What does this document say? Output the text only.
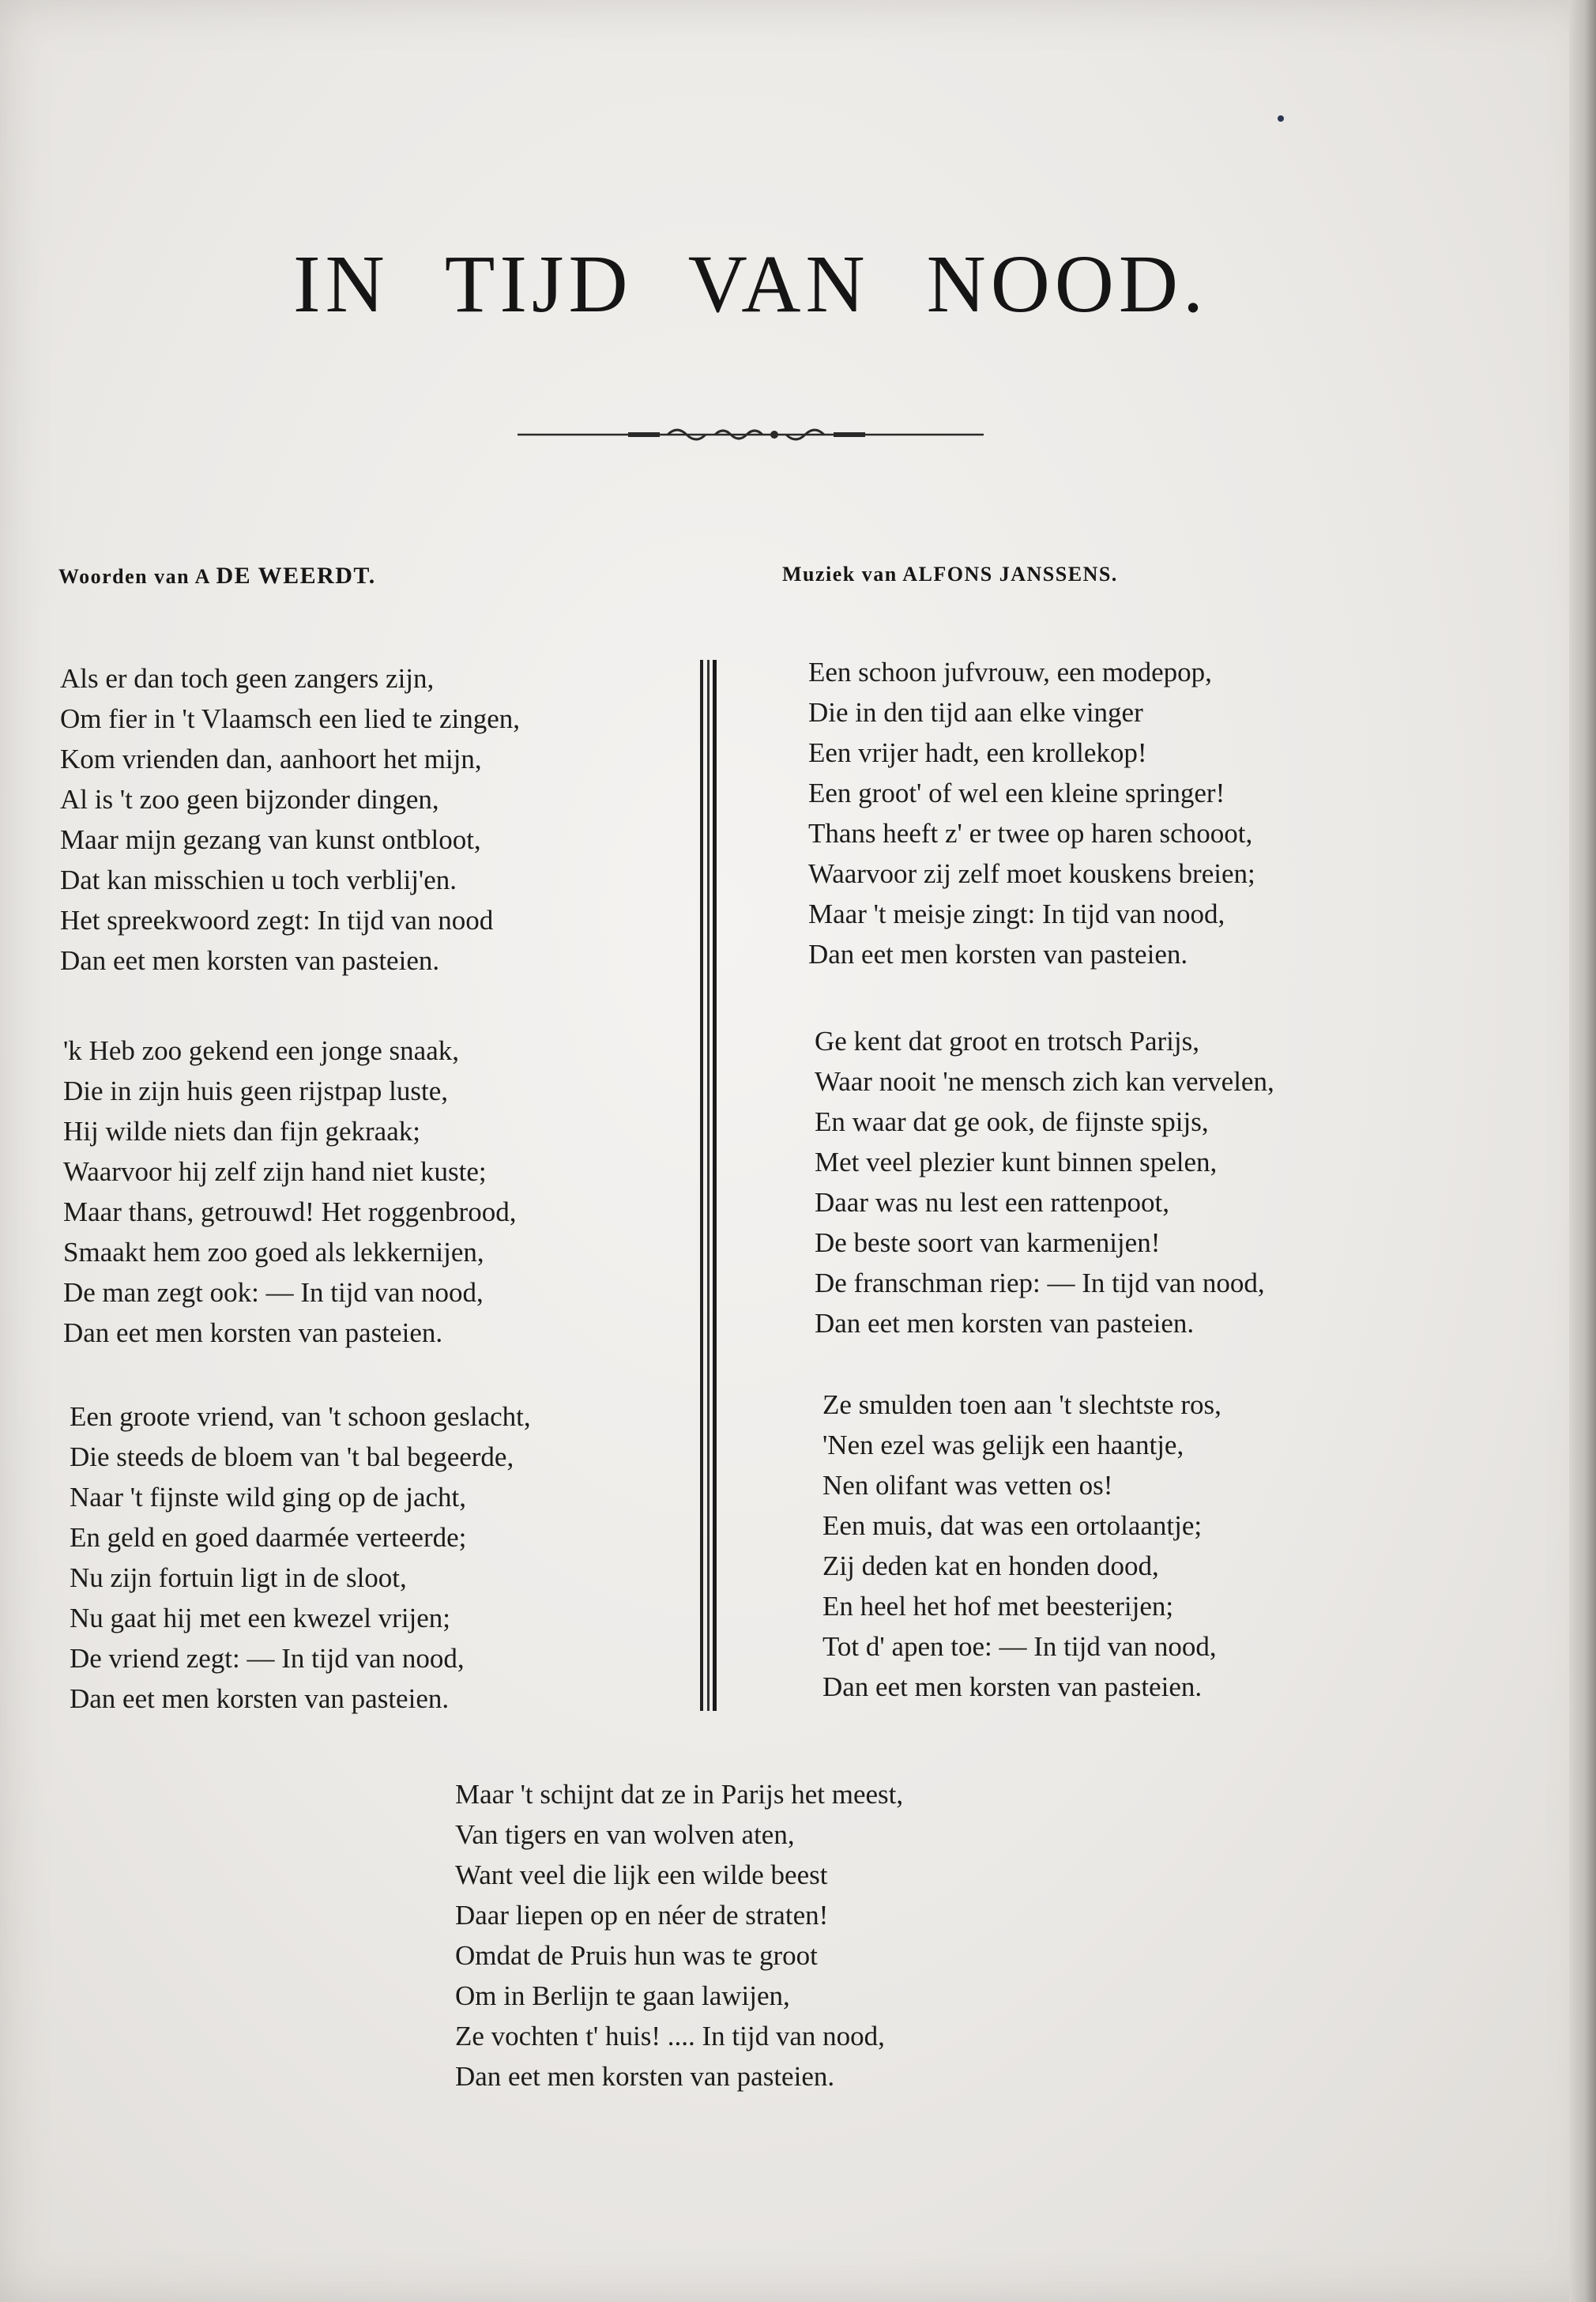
IN TIJD VAN NOOD.
Woorden van A DE WEERDT.	Muziek van ALFONS JANSSENS.
Als er dan toch geen zangers zijn,
Om fier in 't Vlaamsch een lied te zingen,
Kom vrienden dan, aanhoort het mijn,
Al is 't zoo geen bijzonder dingen,
Maar mijn gezang van kunst ontbloot,
Dat kan misschien u toch verblij'en.
Het spreekwoord zegt: In tijd van nood
Dan eet men korsten van pasteien.
'k Heb zoo gekend een jonge snaak,
Die in zijn huis geen rijstpap luste,
Hij wilde niets dan fijn gekraak;
Waarvoor hij zelf zijn hand niet kuste;
Maar thans, getrouwd! Het roggenbrood,
Smaakt hem zoo goed als lekkernijen,
De man zegt ook: — In tijd van nood,
Dan eet men korsten van pasteien.
Een groote vriend, van 't schoon geslacht,
Die steeds de bloem van 't bal begeerde,
Naar 't fijnste wild ging op de jacht,
En geld en goed daarmée verteerde;
Nu zijn fortuin ligt in de sloot,
Nu gaat hij met een kwezel vrijen;
De vriend zegt: — In tijd van nood,
Dan eet men korsten van pasteien.
Een schoon jufvrouw, een modepop,
Die in den tijd aan elke vinger
Een vrijer hadt, een krollekop!
Een groot' of wel een kleine springer!
Thans heeft z' er twee op haren schooot,
Waarvoor zij zelf moet kouskens breien;
Maar 't meisje zingt: In tijd van nood,
Dan eet men korsten van pasteien.
Ge kent dat groot en trotsch Parijs,
Waar nooit 'ne mensch zich kan vervelen,
En waar dat ge ook, de fijnste spijs,
Met veel plezier kunt binnen spelen,
Daar was nu lest een rattenpoot,
De beste soort van karmenijen!
De franschman riep: — In tijd van nood,
Dan eet men korsten van pasteien.
Ze smulden toen aan 't slechtste ros,
'Nen ezel was gelijk een haantje,
Nen olifant was vetten os!
Een muis, dat was een ortolaantje;
Zij deden kat en honden dood,
En heel het hof met beesterijen;
Tot d' apen toe: — In tijd van nood,
Dan eet men korsten van pasteien.
Maar 't schijnt dat ze in Parijs het meest,
Van tigers en van wolven aten,
Want veel die lijk een wilde beest
Daar liepen op en néer de straten!
Omdat de Pruis hun was te groot
Om in Berlijn te gaan lawijen,
Ze vochten t' huis! .... In tijd van nood,
Dan eet men korsten van pasteien.
